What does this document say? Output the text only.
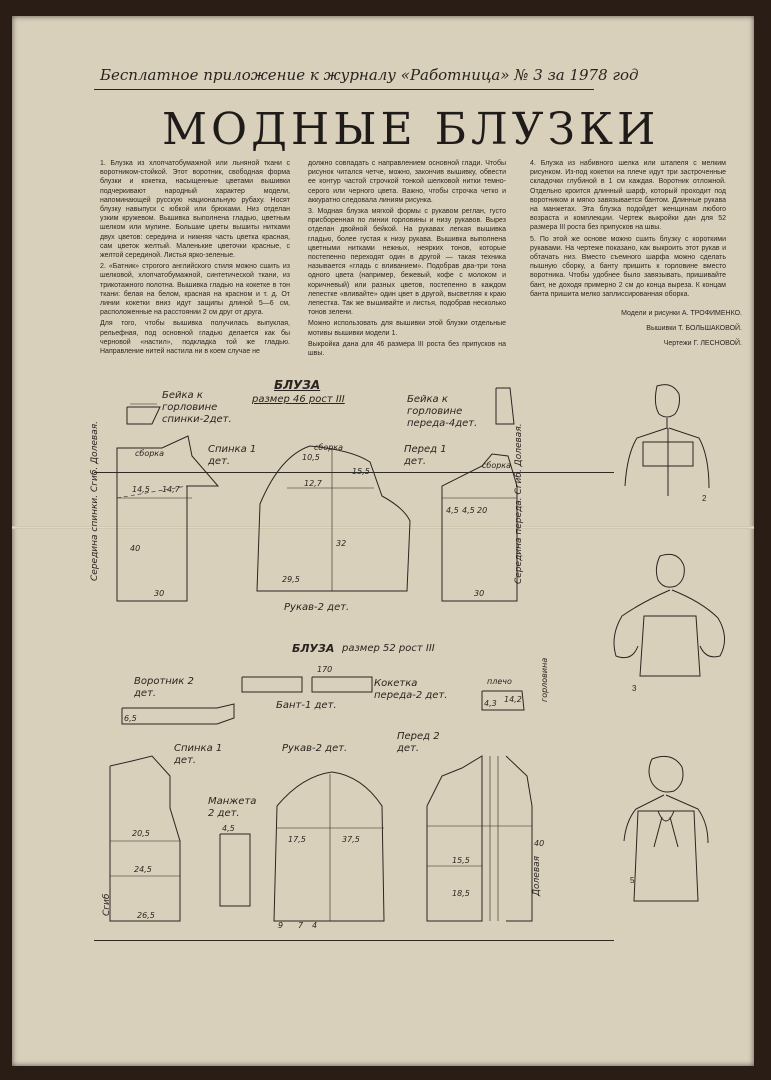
Бесплатное приложение к журналу «Работница» № 3 за 1978 год
МОДНЫЕ БЛУЗКИ

1. Блузка из хлопчатобумажной или льняной ткани с воротником-стойкой. Этот воротник, свободная форма блузки и кокетка, насыщенные цветами вышивки подчеркивают народный характер модели, напоминающей русскую национальную рубаху. Носят блузку навыпуск с юбкой или брюками. Низ отделан узким кружевом. Вышивка выполнена гладью, цветным шелком или мулине. Большие цветы вышиты нитками двух цветов: середина и нижняя часть цветка красная, сам цветок желтый. Маленькие цветочки красные, с желтой серединой. Листья ярко-зеленые.

2. «Батник» строгого английского стиля можно сшить из шелковой, хлопчатобумажной, синтетической ткани, из трикотажного полотна. Вышивка гладью на кокетке в тон ткани: белая на белом, красная на красном и т. д. От линии кокетки вниз идут защипы длиной 5—6 см, расположенные на расстоянии 2 см друг от друга.

Для того, чтобы вышивка получилась выпуклая, рельефная, под основной гладью делается как бы черновой «настил», подкладка той же гладью. Направление нитей настила ни в коем случае не

должно совпадать с направлением основной глади. Чтобы рисунок читался четче, можно, закончив вышивку, обвести ее контур частой строчкой тонкой шелковой нитки темно-серого или черного цвета. Важно, чтобы строчка четко и аккуратно следовала линиям рисунка.

3. Модная блузка мягкой формы с рукавом реглан, густо присборенная по линии горловины и низу рукавов. Вырез отделан двойной бейкой. На рукавах легкая вышивка гладью, более густая к низу рукава. Вышивка выполнена цветными нитками нежных, неярких тонов, которые постепенно переходят один в другой — такая техника называется «гладь с вливанием». Подобрав два-три тона одного цвета (например, бежевый, кофе с молоком и коричневый) или разных цветов, постепенно в каждом лепестке «вливайте» один цвет в другой, высветляя к краю лепестка. Так же вышивайте и листья, подобрав несколько тонов зелени.

Можно использовать для вышивки этой блузки отдельные мотивы вышивки модели 1.

Выкройка дана для 46 размера III роста без припусков на швы.

4. Блузка из набивного шелка или штапеля с мелким рисунком. Из-под кокетки на плече идут три застроченные складочки глубиной в 1 см каждая. Воротник отложной. Отдельно кроится длинный шарф, который проходит под воротником и мягко завязывается бантом. Длинные рукава на манжетах. Эта блузка подойдет женщинам любого возраста и комплекции. Чертеж выкройки дан для 52 размера III роста без припусков на швы.

5. По этой же основе можно сшить блузку с короткими рукавами. На чертеже показано, как выкроить этот рукав и обтачать низ. Вместо съемного шарфа можно сделать пышную сборку, а банту пришить к горловине вместо воротника. Чтобы удобнее было завязывать, пришивайте бант, не доходя примерно 2 см до конца выреза. К концам банта пришита мелко заплиссированная оборка.

Модели и рисунки А. ТРОФИМЕНКО.
Вышивки Т. БОЛЬШАКОВОЙ.
Чертежи Г. ЛЕСНОВОЙ.
БЛУЗА
размер 46 рост III
Бейка к горловине спинки-2дет.
Бейка к горловине переда-4дет.
Спинка 1 дет.
Перед 1 дет.
Рукав-2 дет.
БЛУЗА размер 52 рост III
Воротник 2 дет.
Бант-1 дет.
Кокетка переда-2 дет.
плечо
Спинка 1 дет.
Рукав-2 дет.
Перед 2 дет.
Манжета 2 дет.
14,5 14,7
40
30
сборка	10,5
15,5
12,7
32
29,5
сборка
4,5 4,5 20
30
сборка
6,5
170
14,2
4,3
20,5
24,5
26,5
4,5
17,5	37,5
9 7 4
15,5
18,5
40
Середина спинки. Сгиб. Долевая.	Середина переда. Сгиб. Долевая.
Сгиб
Долевая
горловина
2
3
5
